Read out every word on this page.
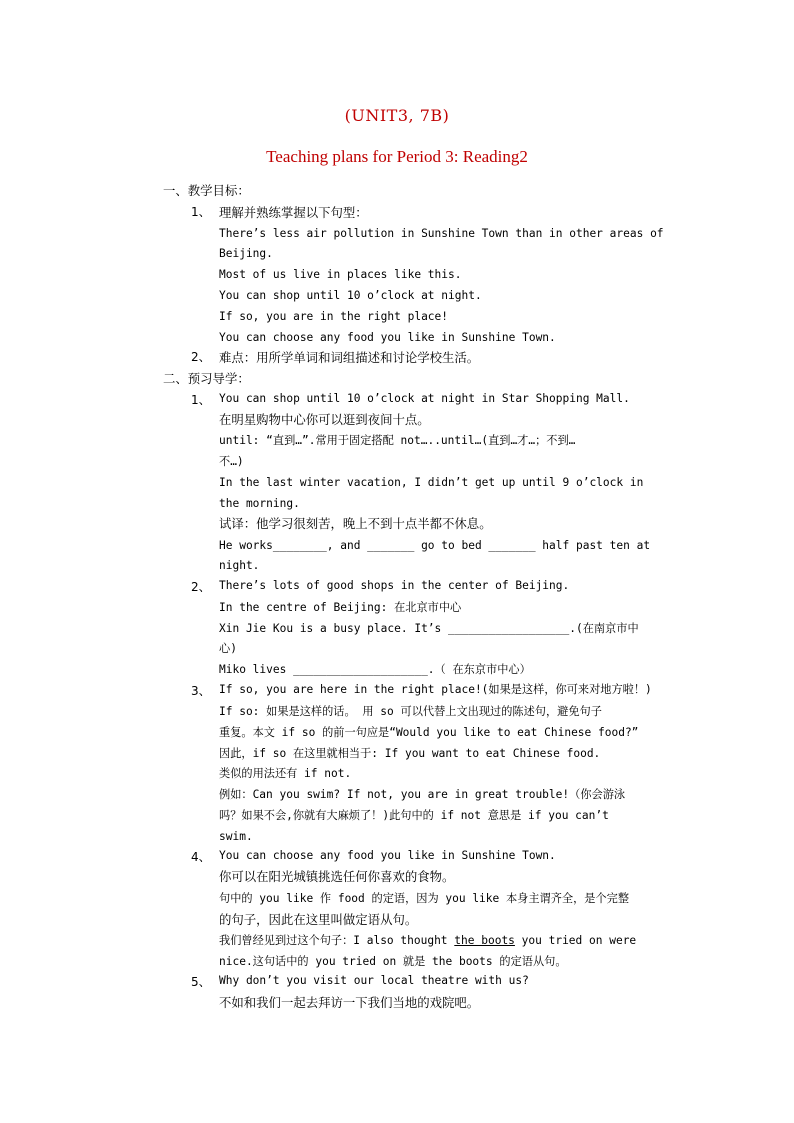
(UNIT3, 7B)
Teaching plans for Period 3: Reading2
一、教学目标：
1、 理解并熟练掌握以下句型：
There’s less air pollution in Sunshine Town than in other areas of
Beijing.
Most of us live in places like this.
You can shop until 10 o’clock at night.
If so, you are in the right place!
You can choose any food you like in Sunshine Town.
2、 难点：用所学单词和词组描述和讨论学校生活。
二、预习导学：
1、 You can shop until 10 o’clock at night in Star Shopping Mall.
在明星购物中心你可以逛到夜间十点。
until: “直到…”.常用于固定搭配 not…..until…(直到…才…；不到…
不…)
In the last winter vacation, I didn’t get up until 9 o’clock in
the morning.
试译：他学习很刻苦，晚上不到十点半都不休息。
He works________, and _______ go to bed _______ half past ten at
night.
2、 There’s lots of good shops in the center of Beijing.
In the centre of Beijing: 在北京市中心
Xin Jie Kou is a busy place. It’s __________________.(在南京市中
心)
Miko lives ____________________.（ 在东京市中心）
3、 If so, you are here in the right place!(如果是这样，你可来对地方啦！)
If so: 如果是这样的话。 用 so 可以代替上文出现过的陈述句，避免句子
重复。本文 if so 的前一句应是“Would you like to eat Chinese food?”
因此，if so 在这里就相当于: If you want to eat Chinese food.
类似的用法还有 if not.
例如：Can you swim? If not, you are in great trouble!（你会游泳
吗？如果不会,你就有大麻烦了！)此句中的 if not 意思是 if you can’t
swim.
4、 You can choose any food you like in Sunshine Town.
你可以在阳光城镇挑选任何你喜欢的食物。
句中的 you like 作 food 的定语，因为 you like 本身主谓齐全，是个完整
的句子，因此在这里叫做定语从句。
我们曾经见到过这个句子：I also thought the boots you tried on were
nice.这句话中的 you tried on 就是 the boots 的定语从句。
5、 Why don’t you visit our local theatre with us?
不如和我们一起去拜访一下我们当地的戏院吧。
